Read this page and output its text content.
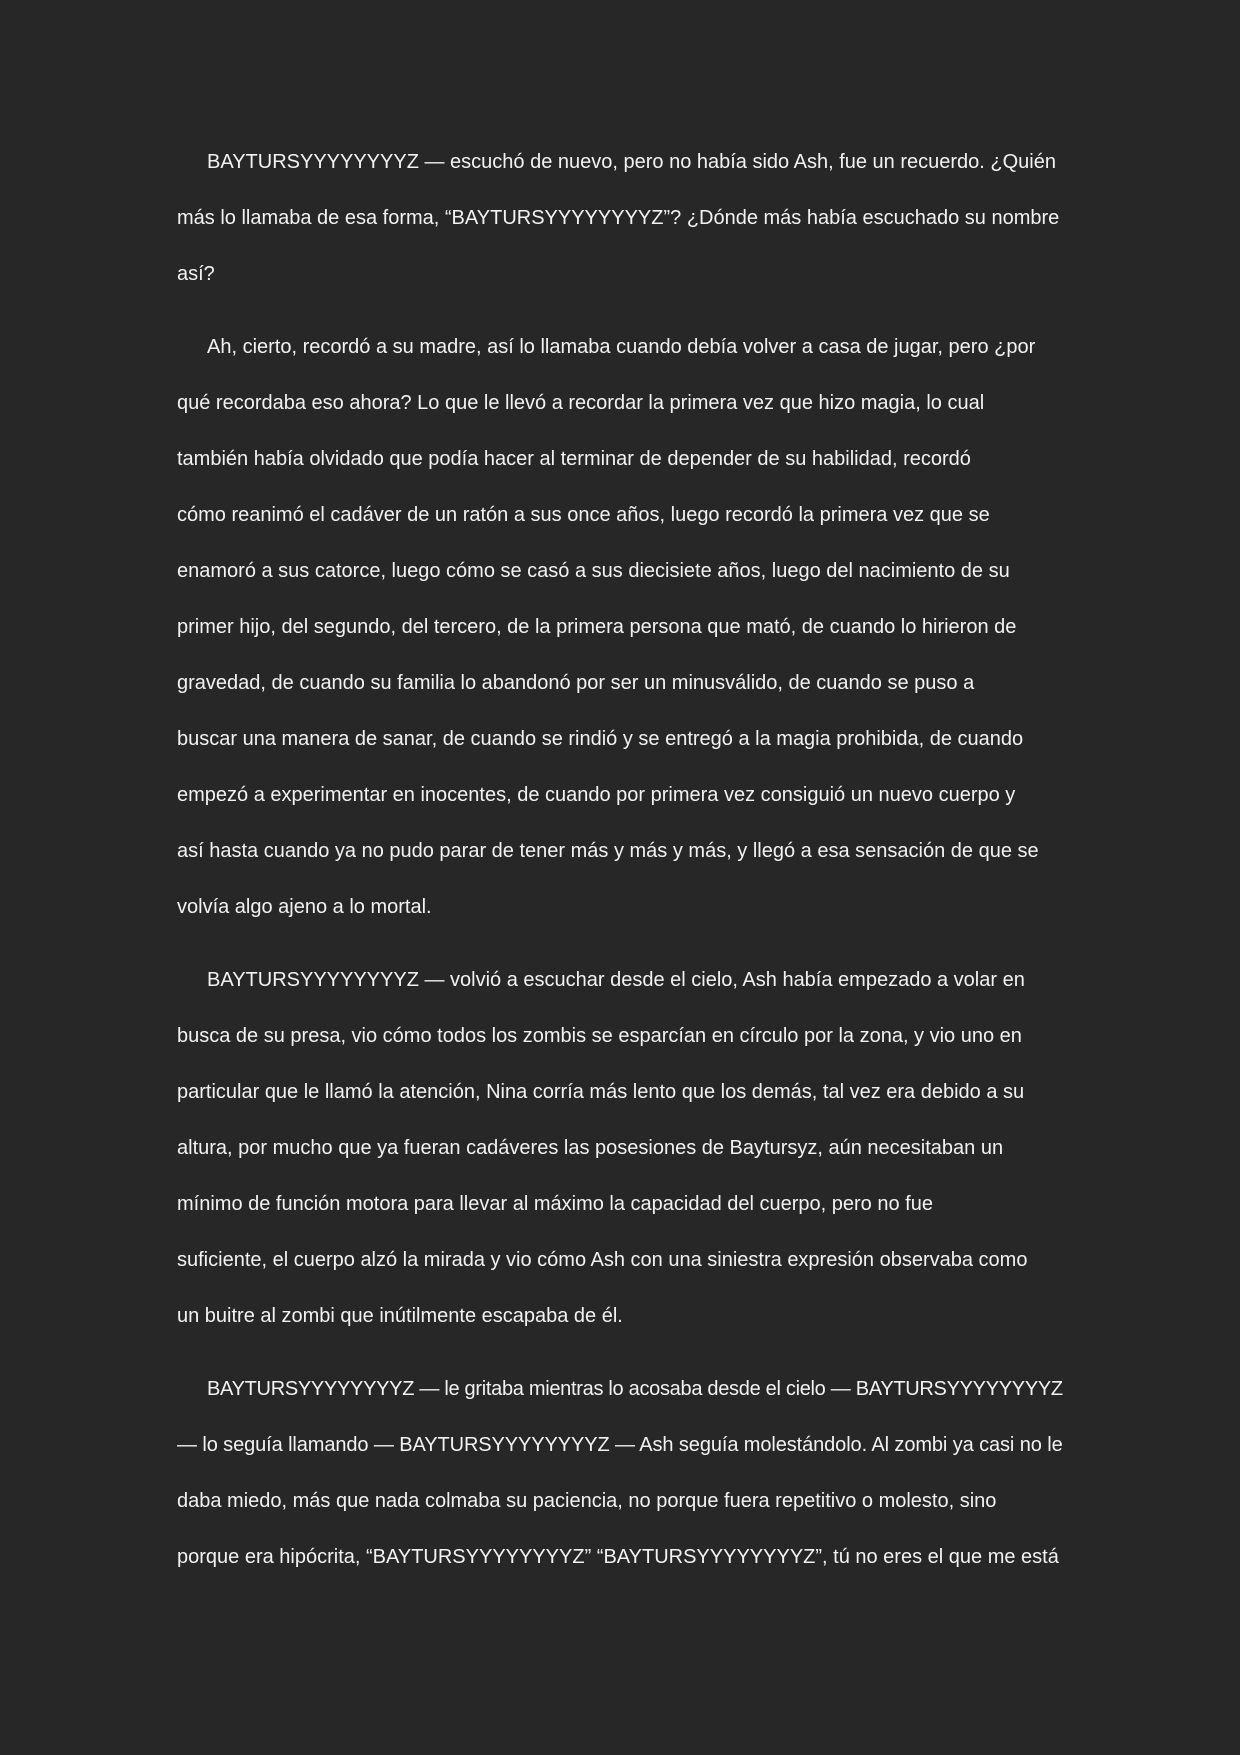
BAYTURSYYYYYYYYZ — escuchó de nuevo, pero no había sido Ash, fue un recuerdo. ¿Quién
más lo llamaba de esa forma, “BAYTURSYYYYYYYYZ”? ¿Dónde más había escuchado su nombre
así?
Ah, cierto, recordó a su madre, así lo llamaba cuando debía volver a casa de jugar, pero ¿por
qué recordaba eso ahora? Lo que le llevó a recordar la primera vez que hizo magia, lo cual
también había olvidado que podía hacer al terminar de depender de su habilidad, recordó
cómo reanimó el cadáver de un ratón a sus once años, luego recordó la primera vez que se
enamoró a sus catorce, luego cómo se casó a sus diecisiete años, luego del nacimiento de su
primer hijo, del segundo, del tercero, de la primera persona que mató, de cuando lo hirieron de
gravedad, de cuando su familia lo abandonó por ser un minusválido, de cuando se puso a
buscar una manera de sanar, de cuando se rindió y se entregó a la magia prohibida, de cuando
empezó a experimentar en inocentes, de cuando por primera vez consiguió un nuevo cuerpo y
así hasta cuando ya no pudo parar de tener más y más y más, y llegó a esa sensación de que se
volvía algo ajeno a lo mortal.
BAYTURSYYYYYYYYZ — volvió a escuchar desde el cielo, Ash había empezado a volar en
busca de su presa, vio cómo todos los zombis se esparcían en círculo por la zona, y vio uno en
particular que le llamó la atención, Nina corría más lento que los demás, tal vez era debido a su
altura, por mucho que ya fueran cadáveres las posesiones de Baytursyz, aún necesitaban un
mínimo de función motora para llevar al máximo la capacidad del cuerpo, pero no fue
suficiente, el cuerpo alzó la mirada y vio cómo Ash con una siniestra expresión observaba como
un buitre al zombi que inútilmente escapaba de él.
BAYTURSYYYYYYYYZ — le gritaba mientras lo acosaba desde el cielo — BAYTURSYYYYYYYYZ
— lo seguía llamando — BAYTURSYYYYYYYYZ — Ash seguía molestándolo. Al zombi ya casi no le
daba miedo, más que nada colmaba su paciencia, no porque fuera repetitivo o molesto, sino
porque era hipócrita, “BAYTURSYYYYYYYYZ” “BAYTURSYYYYYYYYZ”, tú no eres el que me está
